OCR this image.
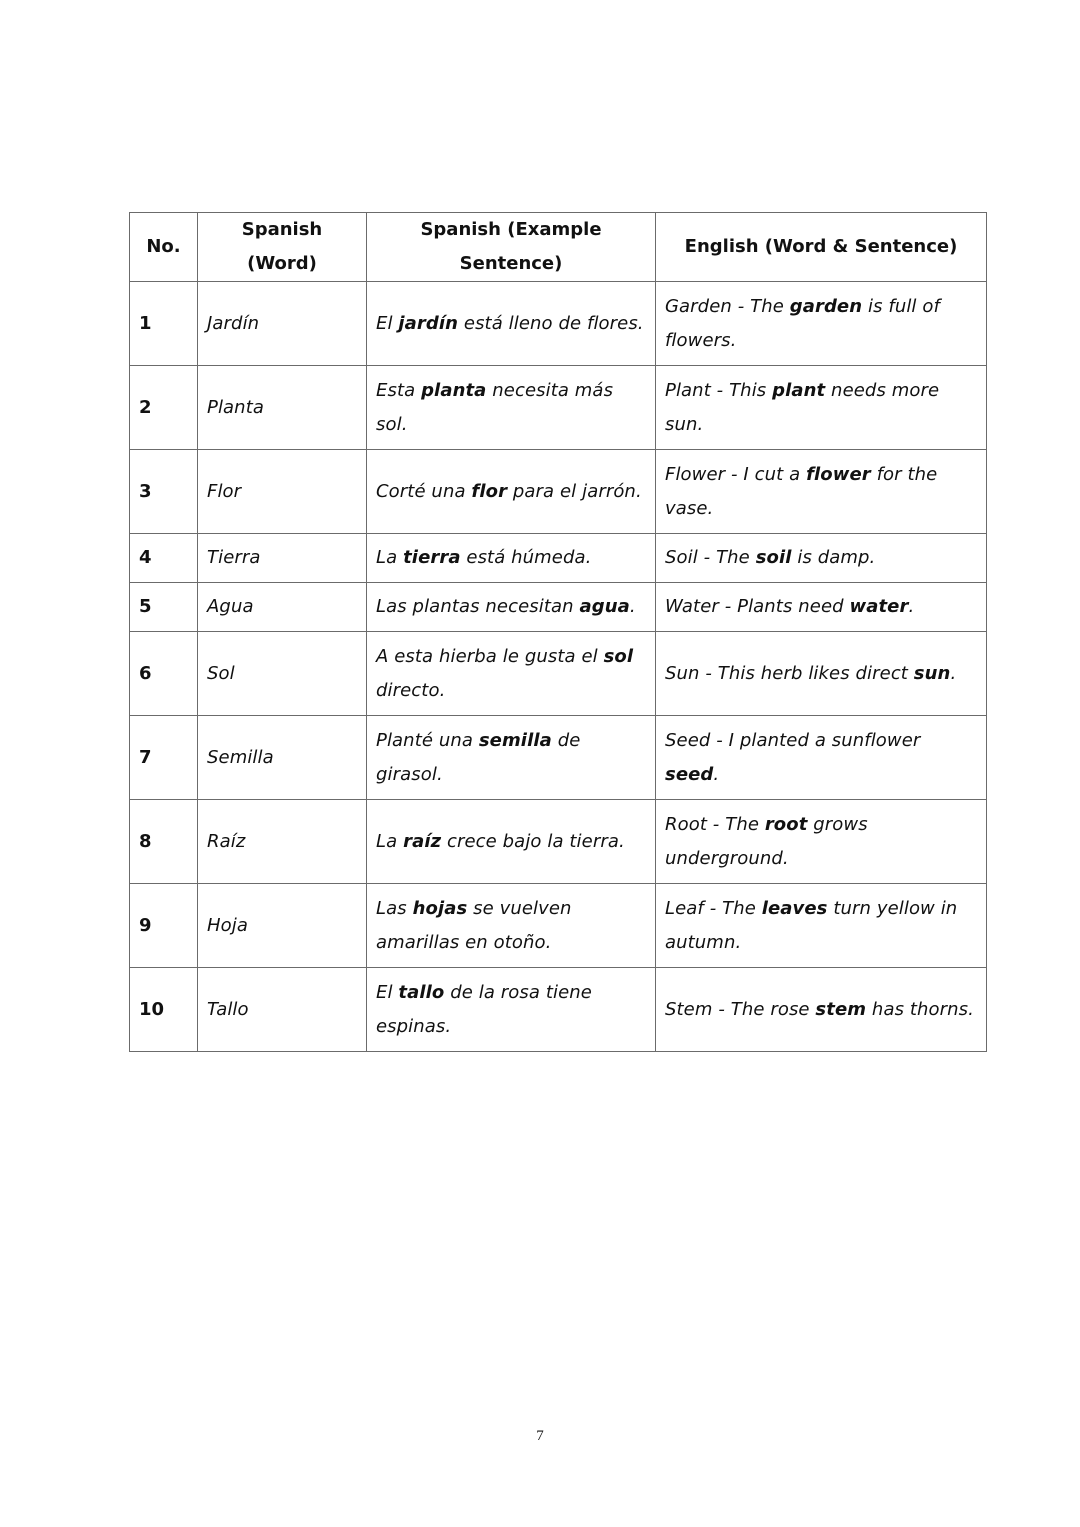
No.	Spanish (Word)	Spanish (Example Sentence)	English (Word & Sentence)
1	Jardín	El jardín está lleno de flores.	Garden - The garden is full of flowers.
2	Planta	Esta planta necesita más sol.	Plant - This plant needs more sun.
3	Flor	Corté una flor para el jarrón.	Flower - I cut a flower for the vase.
4	Tierra	La tierra está húmeda.	Soil - The soil is damp.
5	Agua	Las plantas necesitan agua.	Water - Plants need water.
6	Sol	A esta hierba le gusta el sol directo.	Sun - This herb likes direct sun.
7	Semilla	Planté una semilla de girasol.	Seed - I planted a sunflower seed.
8	Raíz	La raíz crece bajo la tierra.	Root - The root grows underground.
9	Hoja	Las hojas se vuelven amarillas en otoño.	Leaf - The leaves turn yellow in autumn.
10	Tallo	El tallo de la rosa tiene espinas.	Stem - The rose stem has thorns.
7
